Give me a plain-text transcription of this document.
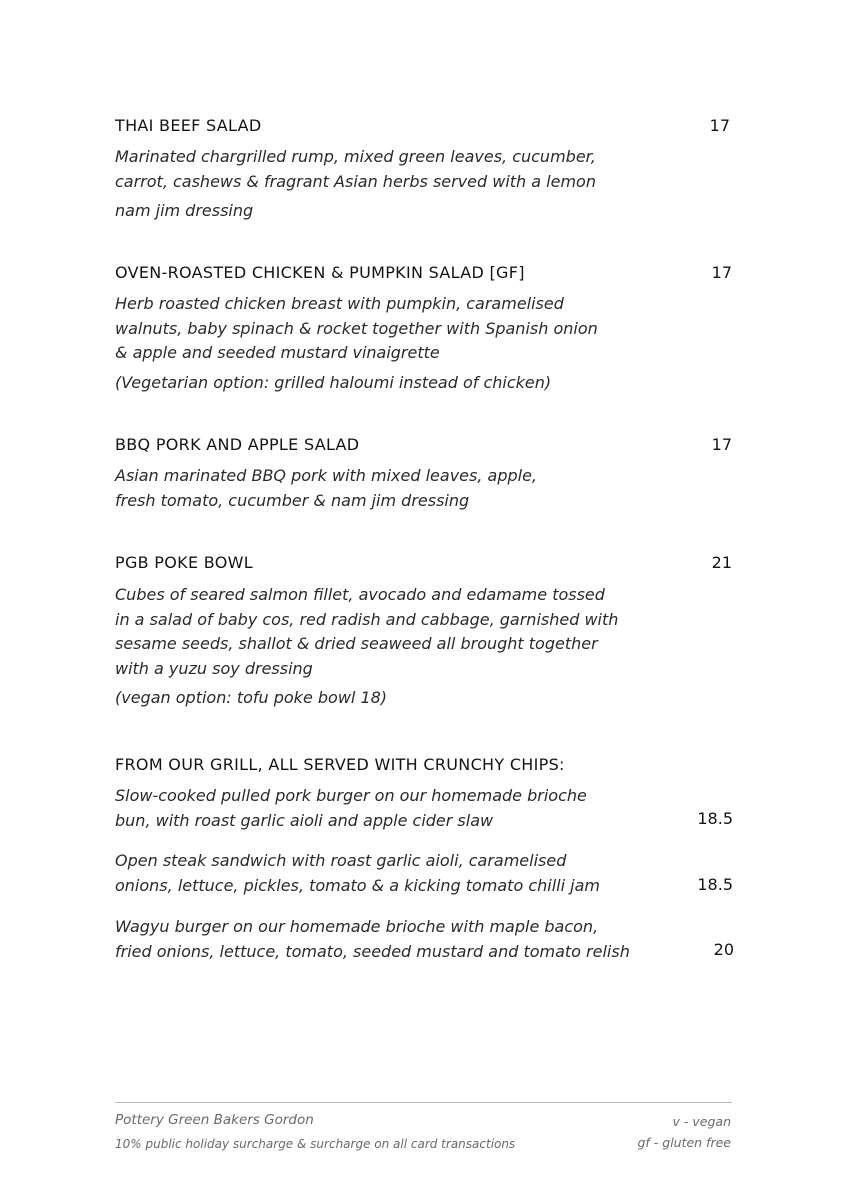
THAI BEEF SALAD	17
Marinated chargrilled rump, mixed green leaves, cucumber,
carrot, cashews & fragrant Asian herbs served with a lemon
nam jim dressing
OVEN-ROASTED CHICKEN & PUMPKIN SALAD [GF]	17
Herb roasted chicken breast with pumpkin, caramelised
walnuts, baby spinach & rocket together with Spanish onion
& apple and seeded mustard vinaigrette
(Vegetarian option: grilled haloumi instead of chicken)
BBQ PORK AND APPLE SALAD	17
Asian marinated BBQ pork with mixed leaves, apple,
fresh tomato, cucumber & nam jim dressing
PGB POKE BOWL	21
Cubes of seared salmon fillet, avocado and edamame tossed
in a salad of baby cos, red radish and cabbage, garnished with
sesame seeds, shallot & dried seaweed all brought together
with a yuzu soy dressing
(vegan option: tofu poke bowl 18)
FROM OUR GRILL, ALL SERVED WITH CRUNCHY CHIPS:
Slow-cooked pulled pork burger on our homemade brioche
bun, with roast garlic aioli and apple cider slaw	18.5
Open steak sandwich with roast garlic aioli, caramelised
onions, lettuce, pickles, tomato & a kicking tomato chilli jam	18.5
Wagyu burger on our homemade brioche with maple bacon,
fried onions, lettuce, tomato, seeded mustard and tomato relish	20
Pottery Green Bakers Gordon
10% public holiday surcharge & surcharge on all card transactions
v - vegan
gf - gluten free
